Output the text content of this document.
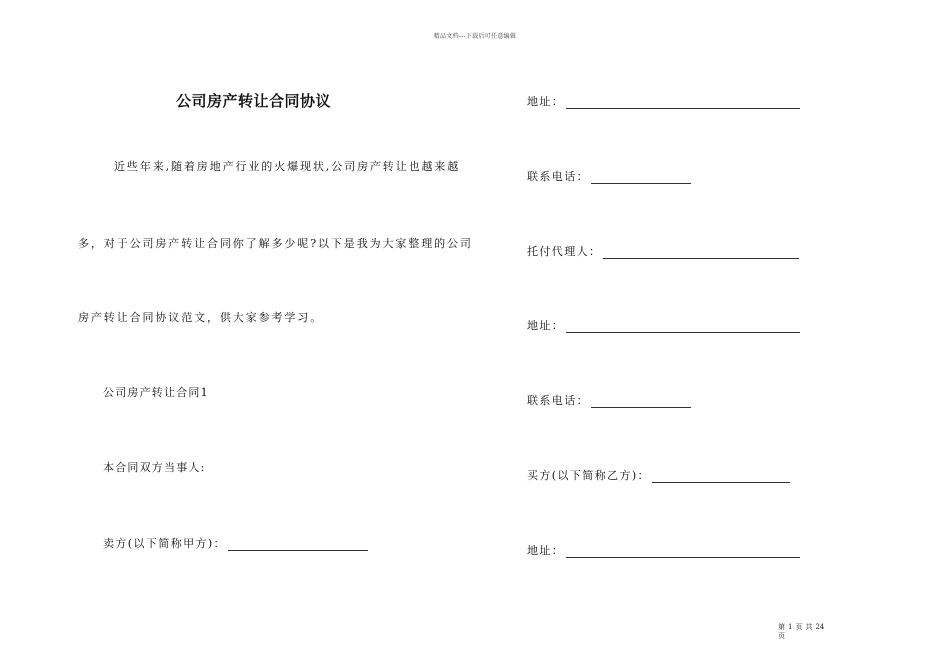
精品文档---下载后可任意编辑
公司房产转让合同协议
近些年来,随着房地产行业的火爆现状,公司房产转让也越来越
多，对于公司房产转让合同你了解多少呢?以下是我为大家整理的公司
房产转让合同协议范文，供大家参考学习。
公司房产转让合同1
本合同双方当事人:
卖方(以下简称甲方)：
地址：
联系电话：
托付代理人：
地址：
联系电话：
买方(以下简称乙方)：
地址：
第 1 页 共 24
页
